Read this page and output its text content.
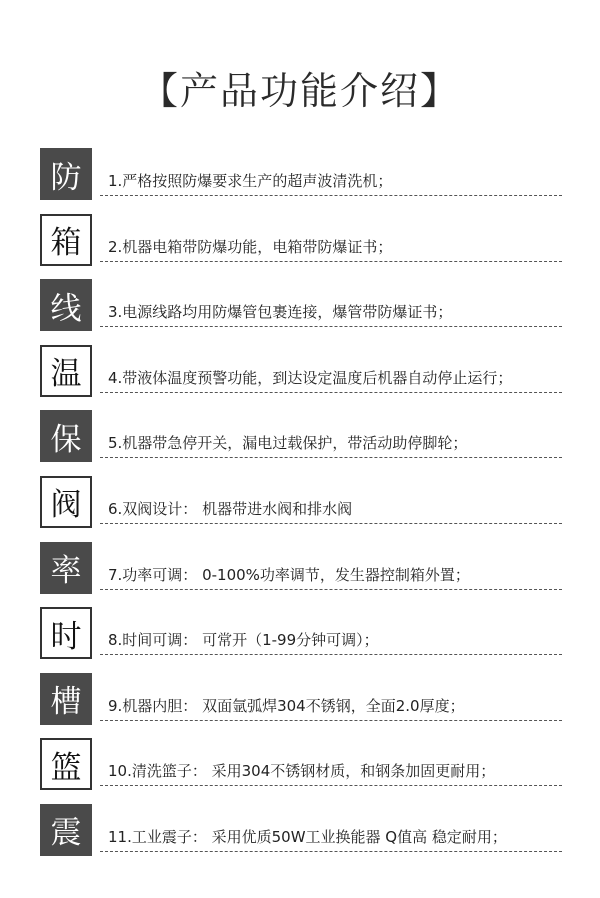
【产品功能介绍】
防	1.严格按照防爆要求生产的超声波清洗机；
箱	2.机器电箱带防爆功能，电箱带防爆证书；
线	3.电源线路均用防爆管包裹连接，爆管带防爆证书；
温	4.带液体温度预警功能，到达设定温度后机器自动停止运行；
保	5.机器带急停开关，漏电过载保护，带活动助停脚轮；
阀	6.双阀设计： 机器带进水阀和排水阀
率	7.功率可调： 0-100%功率调节，发生器控制箱外置；
时	8.时间可调： 可常开（1-99分钟可调）；
槽	9.机器内胆： 双面氩弧焊304不锈钢，全面2.0厚度；
篮	10.清洗篮子： 采用304不锈钢材质，和钢条加固更耐用；
震	11.工业震子： 采用优质50W工业换能器 Q值高 稳定耐用；
